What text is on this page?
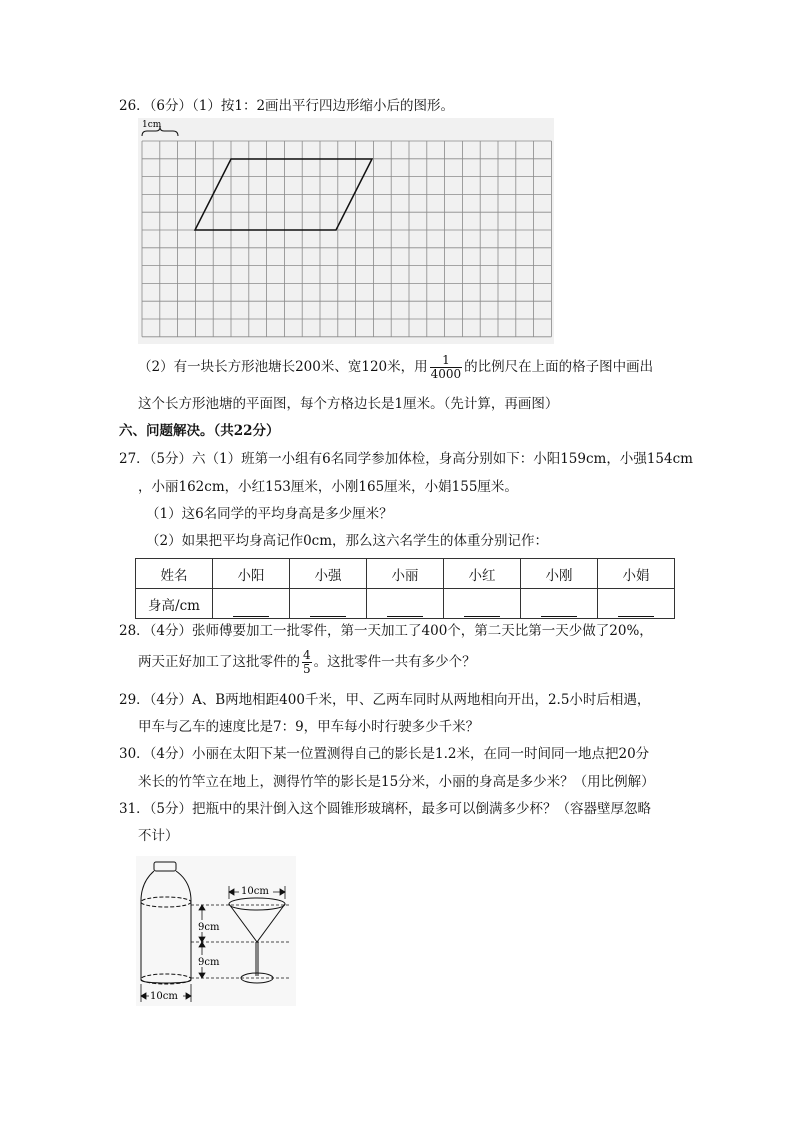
26．（6分）（1）按1：2画出平行四边形缩小后的图形。
1cm
（2）有一块长方形池塘长200米、宽120米，用 $\frac{1}{4000}$ 的比例尺在上面的格子图中画出
这个长方形池塘的平面图，每个方格边长是1厘米。（先计算，再画图）
六、问题解决。（共22分）
27．（5分）六（1）班第一小组有6名同学参加体检，身高分别如下：小阳159cm，小强154cm
，小丽162cm，小红153厘米，小刚165厘米，小娟155厘米。
（1）这6名同学的平均身高是多少厘米？
（2）如果把平均身高记作0cm，那么这六名学生的体重分别记作：
姓名	小阳	小强	小丽	小红	小刚	小娟
身高/cm						
28．（4分）张师傅要加工一批零件，第一天加工了400个，第二天比第一天少做了20%，
两天正好加工了这批零件的 $\frac{4}{5}$ 。这批零件一共有多少个？
29．（4分）A、B两地相距400千米，甲、乙两车同时从两地相向开出，2.5小时后相遇，
甲车与乙车的速度比是7：9，甲车每小时行驶多少千米？
30．（4分）小丽在太阳下某一位置测得自己的影长是1.2米，在同一时间同一地点把20分
米长的竹竿立在地上，测得竹竿的影长是15分米，小丽的身高是多少米？（用比例解）
31．（5分）把瓶中的果汁倒入这个圆锥形玻璃杯，最多可以倒满多少杯？（容器壁厚忽略
不计）
9cm
9cm
10cm
10cm
